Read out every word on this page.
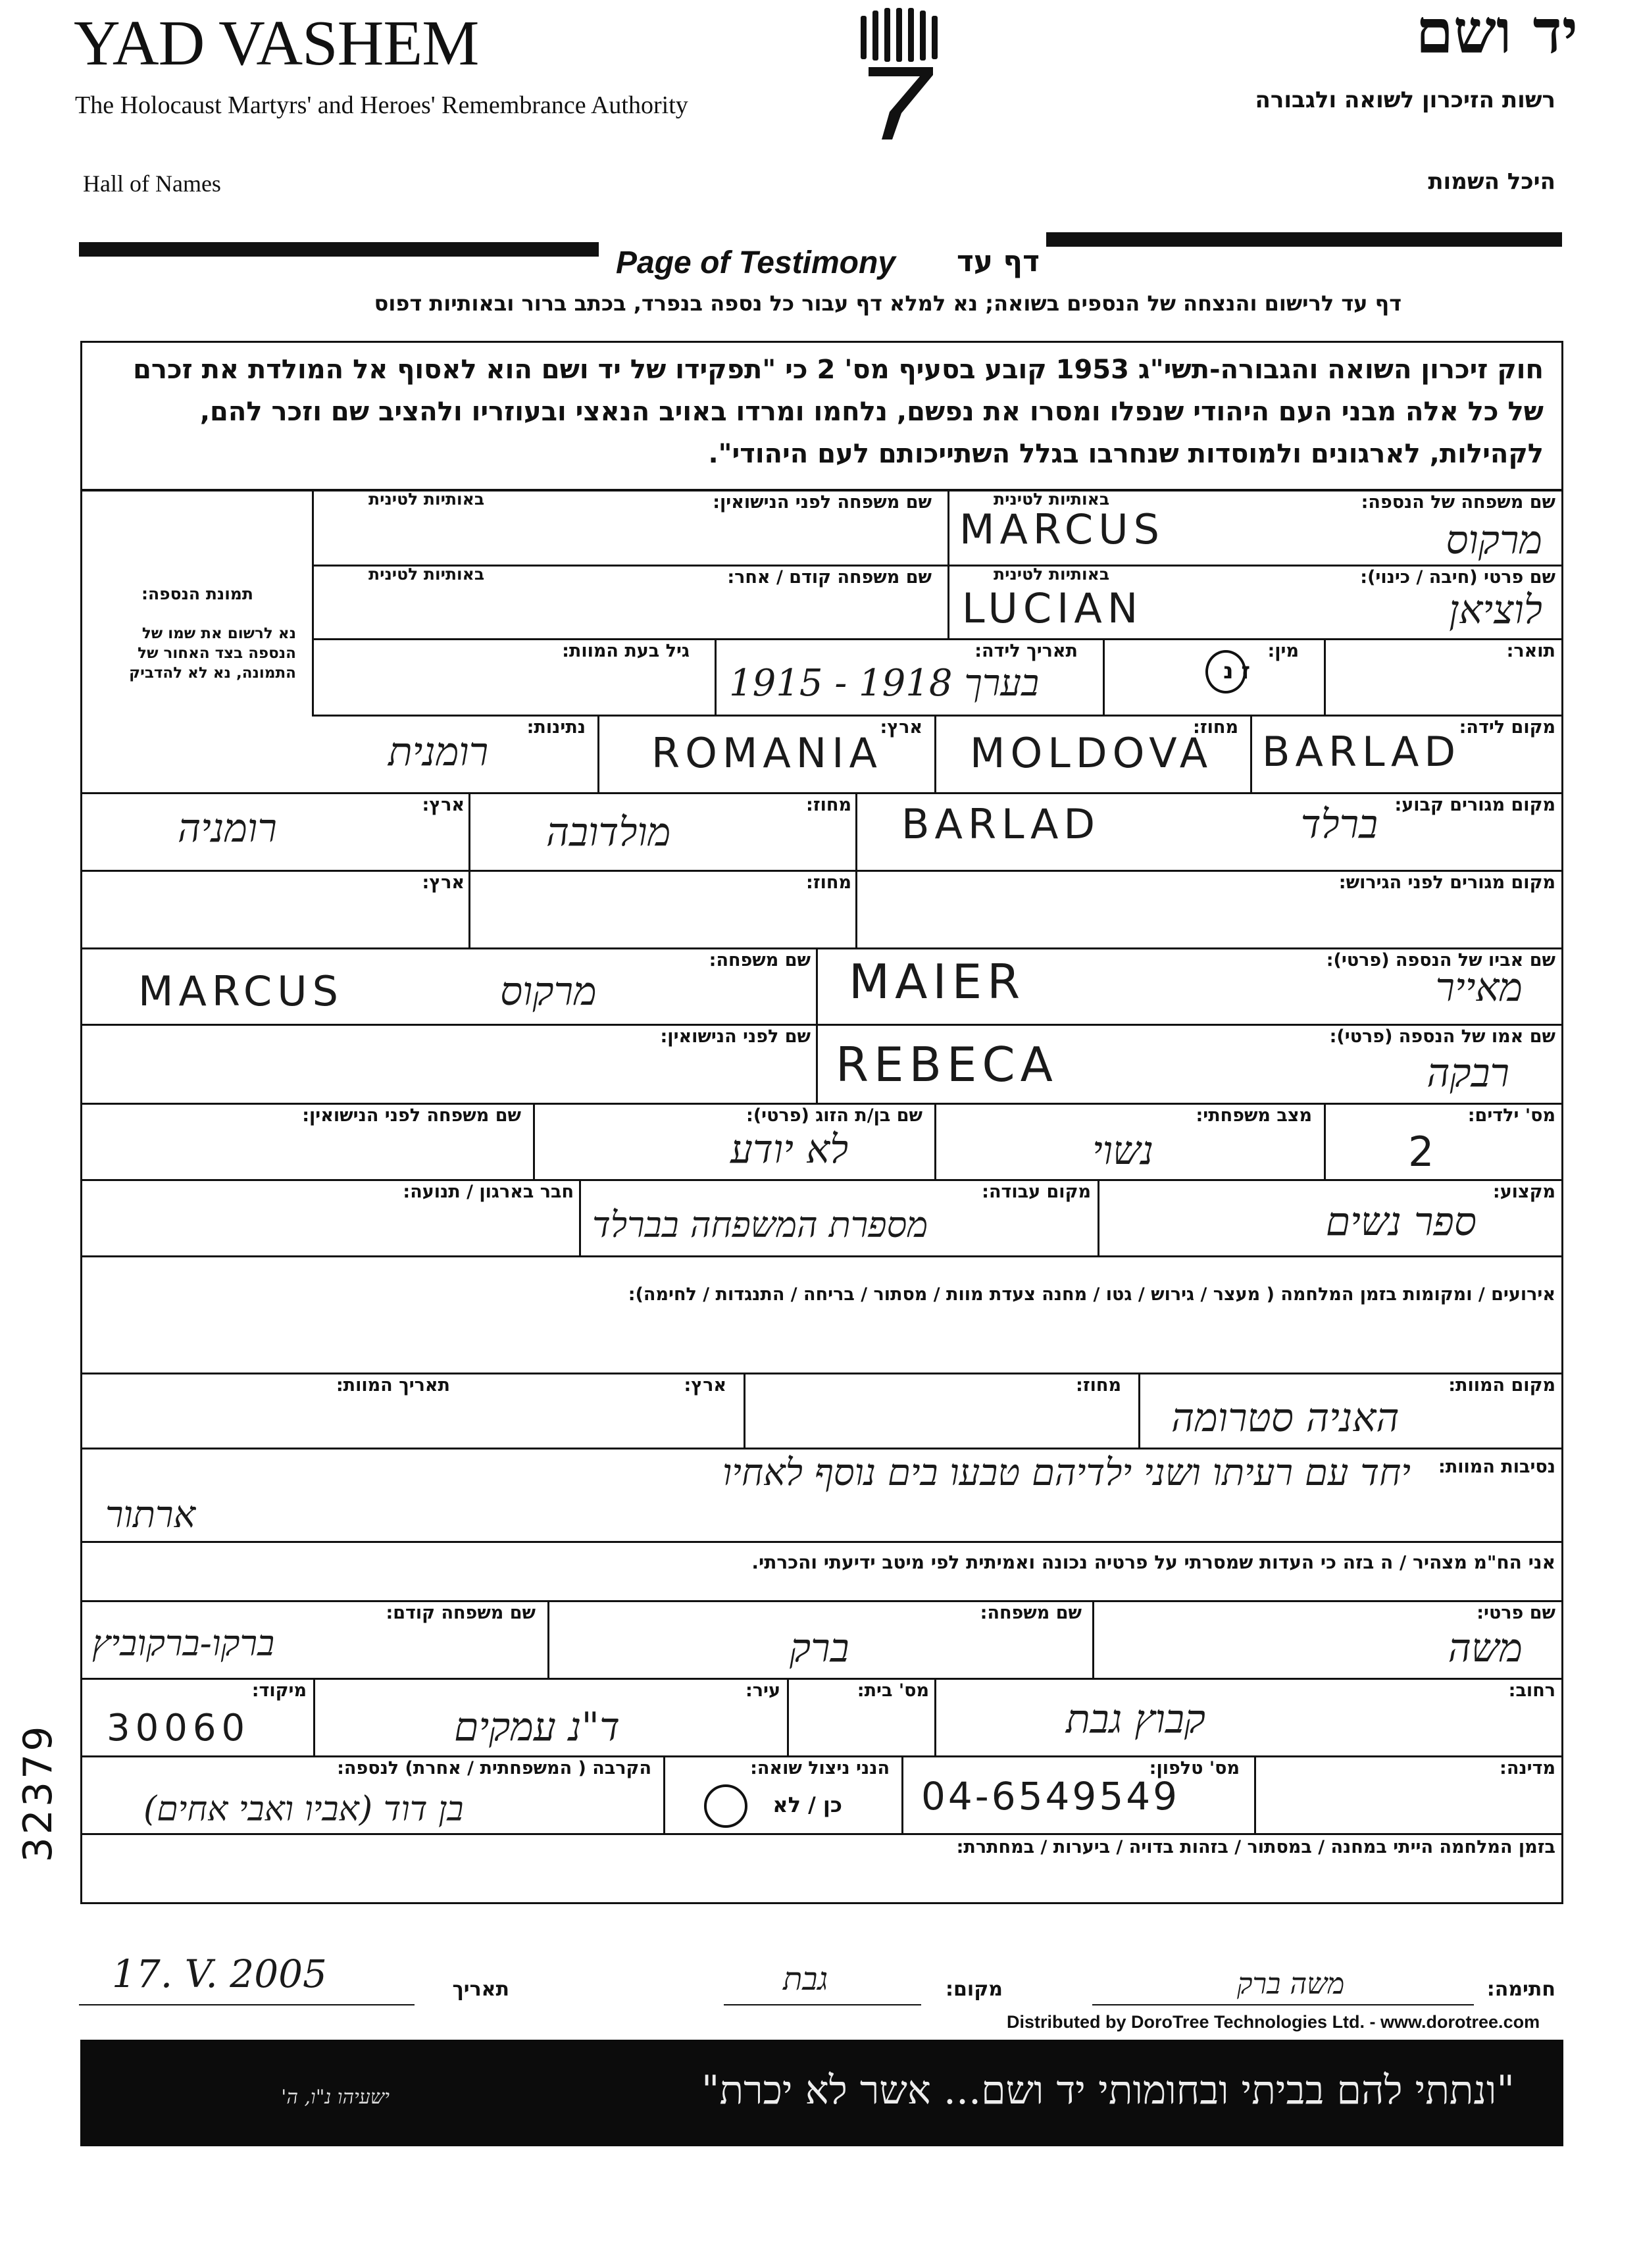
YAD VASHEM
The Holocaust Martyrs' and Heroes' Remembrance Authority
Hall of Names
יד ושם
רשות הזיכרון לשואה ולגבורה
היכל השמות
Page of Testimony	דף עד
דף עד לרישום והנצחה של הנספים בשואה; נא למלא דף עבור כל נספה בנפרד, בכתב ברור ובאותיות דפוס
חוק זיכרון השואה והגבורה-תשי"ג 1953 קובע בסעיף מס' 2 כי "תפקידו של יד ושם הוא לאסוף אל המולדת את זכרם של כל אלה מבני העם היהודי שנפלו ומסרו את נפשם, נלחמו ומרדו באויב הנאצי ובעוזריו ולהציב שם וזכר להם, לקהילות, לארגונים ולמוסדות שנחרבו בגלל השתייכותם לעם היהודי".
תמונת הנספה:
נא לרשום את שמו של הנספה בצד האחור של התמונה, נא לא להדביק
שם משפחה של הנספה:
באותיות לטינית
MARCUS	מרקוס
שם משפחה לפני הנישואין:
באותיות לטינית
שם פרטי (חיבה / כינוי):
באותיות לטינית
LUCIAN	לוציאן
שם משפחה קודם / אחר:
באותיות לטינית
תואר:
מין:
ז נ
תאריך לידה:
1915 - 1918 בערך
גיל בעת המוות:
מקום לידה:
BARLAD
מחוז:
MOLDOVA
ארץ:
ROMANIA
נתינות:
רומנית
מקום מגורים קבוע:
BARLAD	ברלד
מחוז:
מולדובה
ארץ:
רומניה
מקום מגורים לפני הגירוש:
מחוז:
ארץ:
שם אביו של הנספה (פרטי):
MAIER	מאייר
שם משפחה:
MARCUS	מרקוס
שם אמו של הנספה (פרטי):
REBECA	רבקה
שם לפני הנישואין:
מס' ילדים:
2
מצב משפחתי:
נשוי
שם בן/ת הזוג (פרטי):
לא יודע
שם משפחה לפני הנישואין:
מקצוע:
ספר נשים
מקום עבודה:
מספרת המשפחה בברלד
חבר בארגון / תנועה:
אירועים / ומקומות בזמן המלחמה ( מעצר / גירוש / גטו / מחנה צעדת מוות / מסתור / בריחה / התנגדות / לחימה):
מקום המוות:
האניה סטרומה
מחוז:
ארץ:
תאריך המוות:
נסיבות המוות:
יחד עם רעיתו ושני ילדיהם טבעו בים נוסף לאחיו
ארתור
אני הח"מ מצהיר / ה בזה כי העדות שמסרתי על פרטיה נכונה ואמיתית לפי מיטב ידיעתי והכרתי.
שם פרטי:
משה
שם משפחה:
ברק
שם משפחה קודם:
ברקו-ברקוביץ
רחוב:
קבוץ גבת
מס' בית:
עיר:
ד"נ עמקים
מיקוד:
30060
מדינה:
מס' טלפון:
04-6549549
הנני ניצול שואה:
כן / לא
הקרבה ( המשפחתית / אחרת) לנספה:
בן דוד (אביו ואבי אחים)
בזמן המלחמה הייתי במחנה / במסתור / בזהות בדויה / ביערות / במחתרת:
חתימה:
משה ברק
מקום:
גבת
תאריך
17. V. 2005
Distributed by DoroTree Technologies Ltd. - www.dorotree.com
"ונתתי להם בביתי ובחומותי יד ושם... אשר לא יכרת"
ישעיהו נ"ו, ה'
32379
